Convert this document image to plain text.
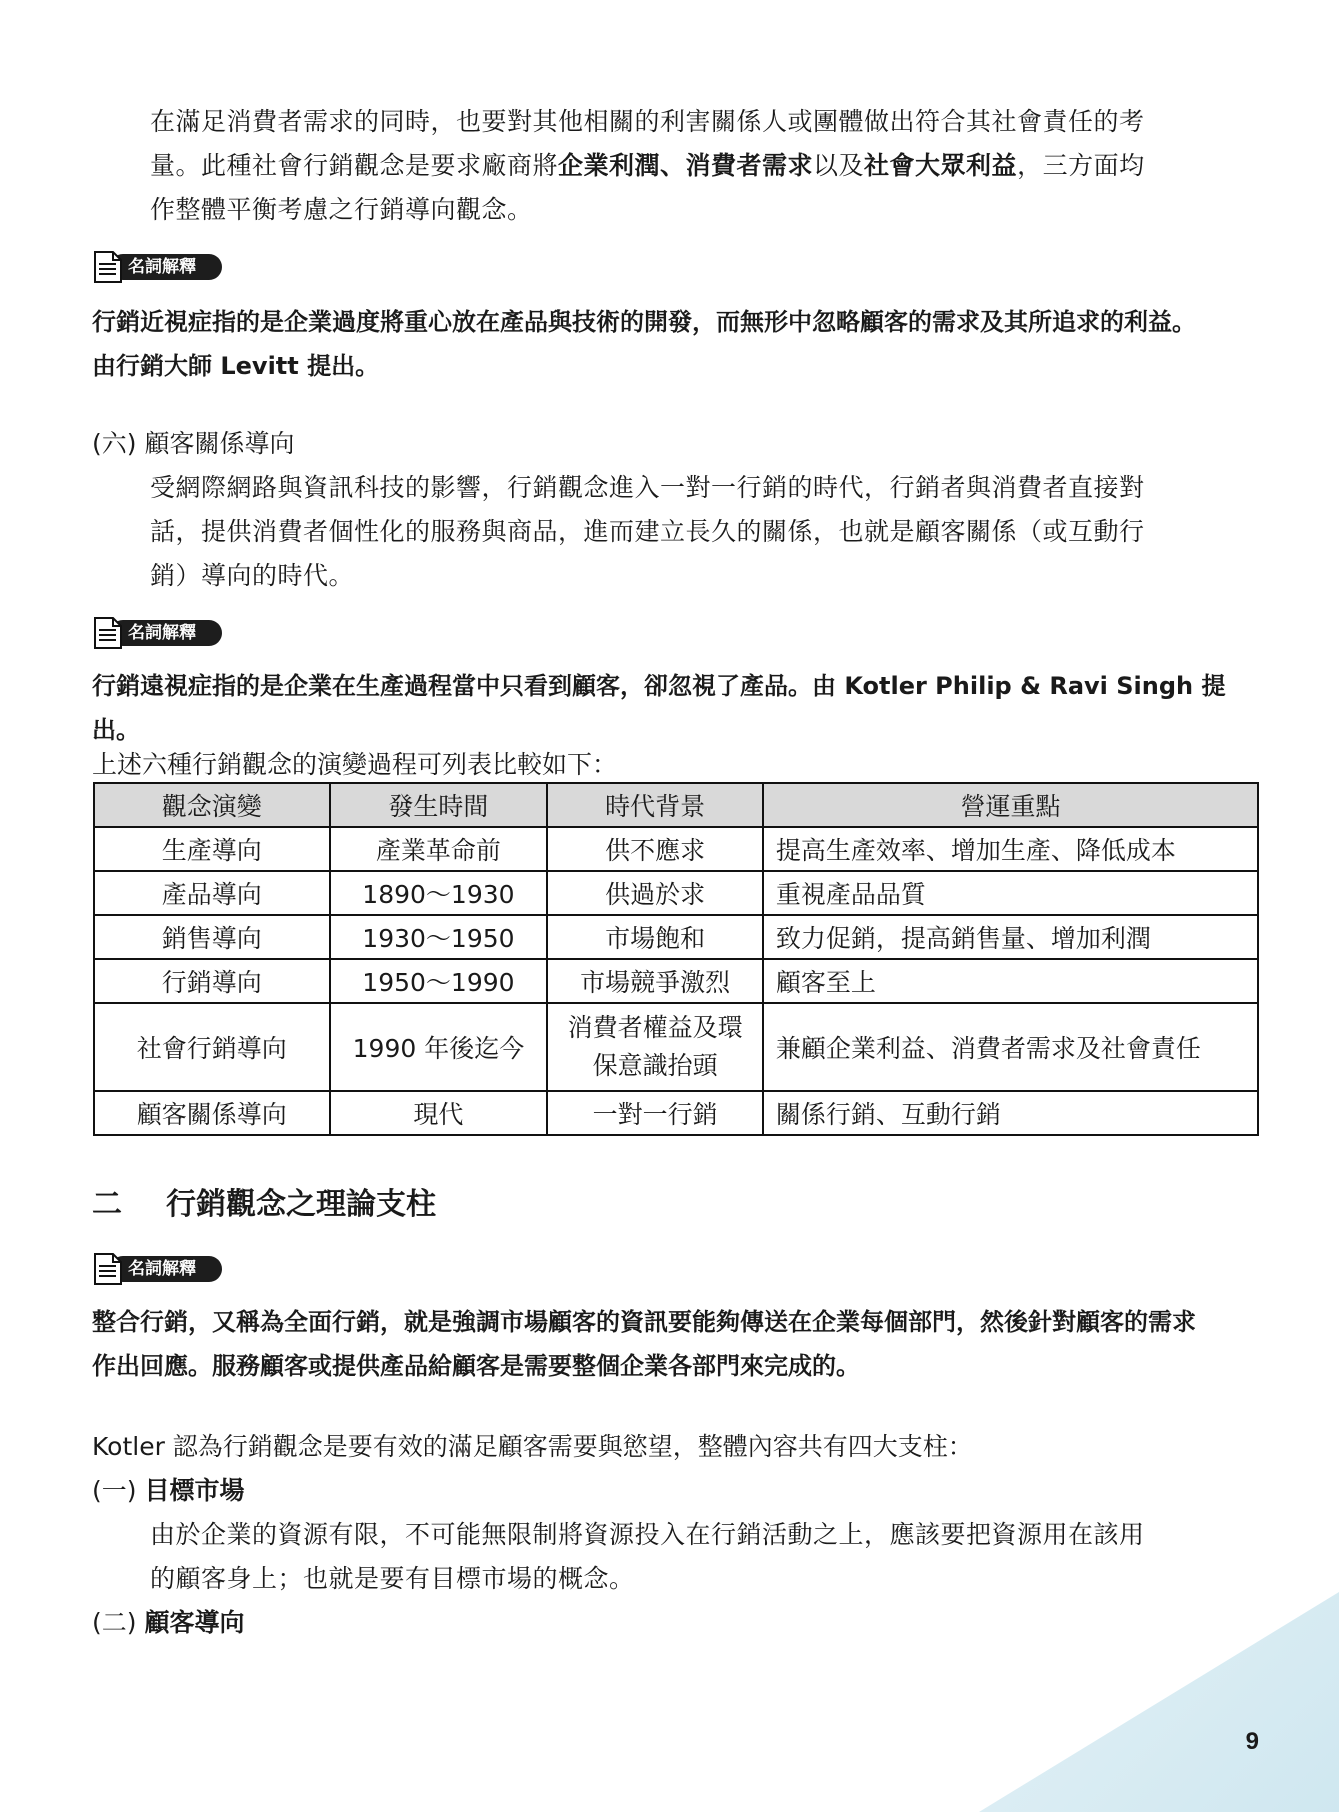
在滿足消費者需求的同時，也要對其他相關的利害關係人或團體做出符合其社會責任的考
量。此種社會行銷觀念是要求廠商將企業利潤、消費者需求以及社會大眾利益，三方面均
作整體平衡考慮之行銷導向觀念。
名詞解釋
行銷近視症指的是企業過度將重心放在產品與技術的開發，而無形中忽略顧客的需求及其所追求的利益。
由行銷大師 Levitt 提出。
(六) 顧客關係導向
受網際網路與資訊科技的影響，行銷觀念進入一對一行銷的時代，行銷者與消費者直接對
話，提供消費者個性化的服務與商品，進而建立長久的關係，也就是顧客關係（或互動行
銷）導向的時代。
名詞解釋
行銷遠視症指的是企業在生產過程當中只看到顧客，卻忽視了產品。由 Kotler Philip & Ravi Singh 提出。
上述六種行銷觀念的演變過程可列表比較如下：
觀念演變	發生時間	時代背景	營運重點
生產導向	產業革命前	供不應求	提高生產效率、增加生產、降低成本
產品導向	1890～1930	供過於求	重視產品品質
銷售導向	1930～1950	市場飽和	致力促銷，提高銷售量、增加利潤
行銷導向	1950～1990	市場競爭激烈	顧客至上
社會行銷導向	1990 年後迄今	消費者權益及環保意識抬頭	兼顧企業利益、消費者需求及社會責任
顧客關係導向	現代	一對一行銷	關係行銷、互動行銷
二 行銷觀念之理論支柱
名詞解釋
整合行銷，又稱為全面行銷，就是強調市場顧客的資訊要能夠傳送在企業每個部門，然後針對顧客的需求
作出回應。服務顧客或提供產品給顧客是需要整個企業各部門來完成的。
Kotler 認為行銷觀念是要有效的滿足顧客需要與慾望，整體內容共有四大支柱：
(一) 目標市場
由於企業的資源有限，不可能無限制將資源投入在行銷活動之上，應該要把資源用在該用
的顧客身上；也就是要有目標市場的概念。
(二) 顧客導向
9
